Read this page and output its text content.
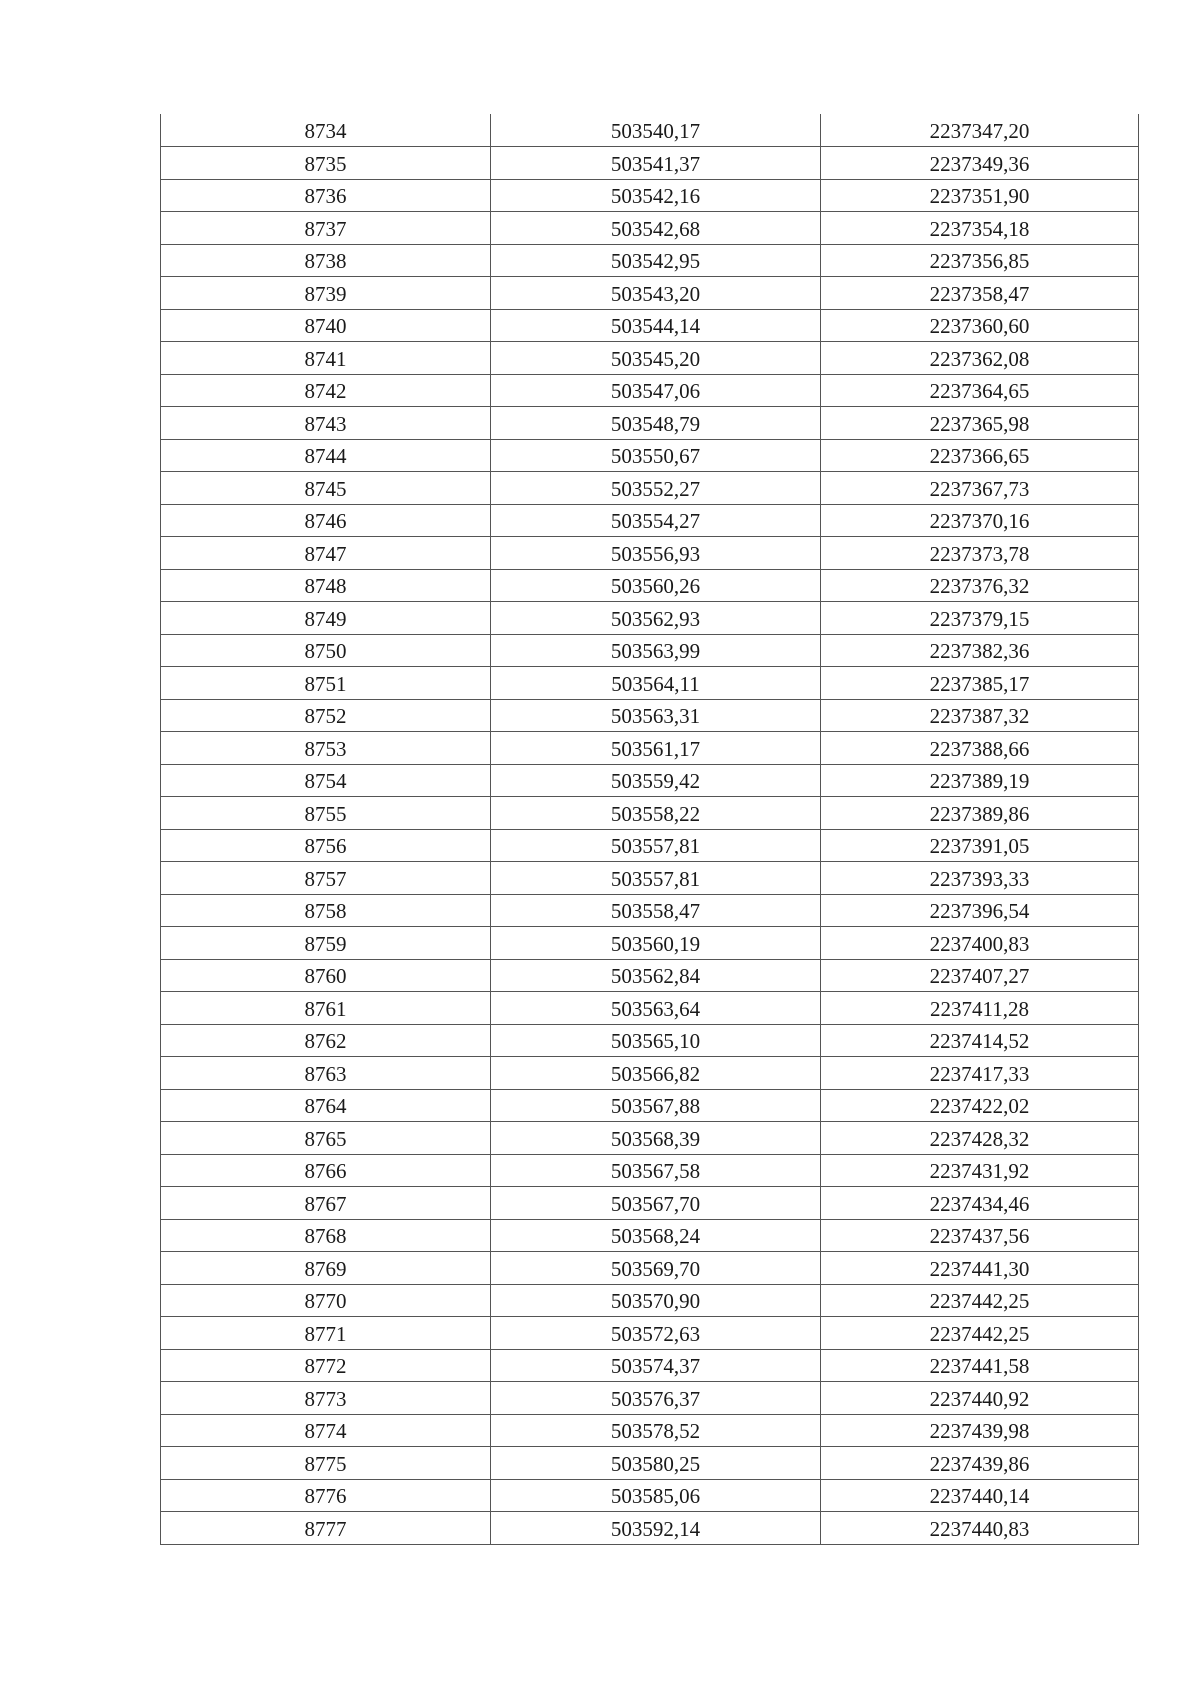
8734	503540,17	2237347,20
8735	503541,37	2237349,36
8736	503542,16	2237351,90
8737	503542,68	2237354,18
8738	503542,95	2237356,85
8739	503543,20	2237358,47
8740	503544,14	2237360,60
8741	503545,20	2237362,08
8742	503547,06	2237364,65
8743	503548,79	2237365,98
8744	503550,67	2237366,65
8745	503552,27	2237367,73
8746	503554,27	2237370,16
8747	503556,93	2237373,78
8748	503560,26	2237376,32
8749	503562,93	2237379,15
8750	503563,99	2237382,36
8751	503564,11	2237385,17
8752	503563,31	2237387,32
8753	503561,17	2237388,66
8754	503559,42	2237389,19
8755	503558,22	2237389,86
8756	503557,81	2237391,05
8757	503557,81	2237393,33
8758	503558,47	2237396,54
8759	503560,19	2237400,83
8760	503562,84	2237407,27
8761	503563,64	2237411,28
8762	503565,10	2237414,52
8763	503566,82	2237417,33
8764	503567,88	2237422,02
8765	503568,39	2237428,32
8766	503567,58	2237431,92
8767	503567,70	2237434,46
8768	503568,24	2237437,56
8769	503569,70	2237441,30
8770	503570,90	2237442,25
8771	503572,63	2237442,25
8772	503574,37	2237441,58
8773	503576,37	2237440,92
8774	503578,52	2237439,98
8775	503580,25	2237439,86
8776	503585,06	2237440,14
8777	503592,14	2237440,83
